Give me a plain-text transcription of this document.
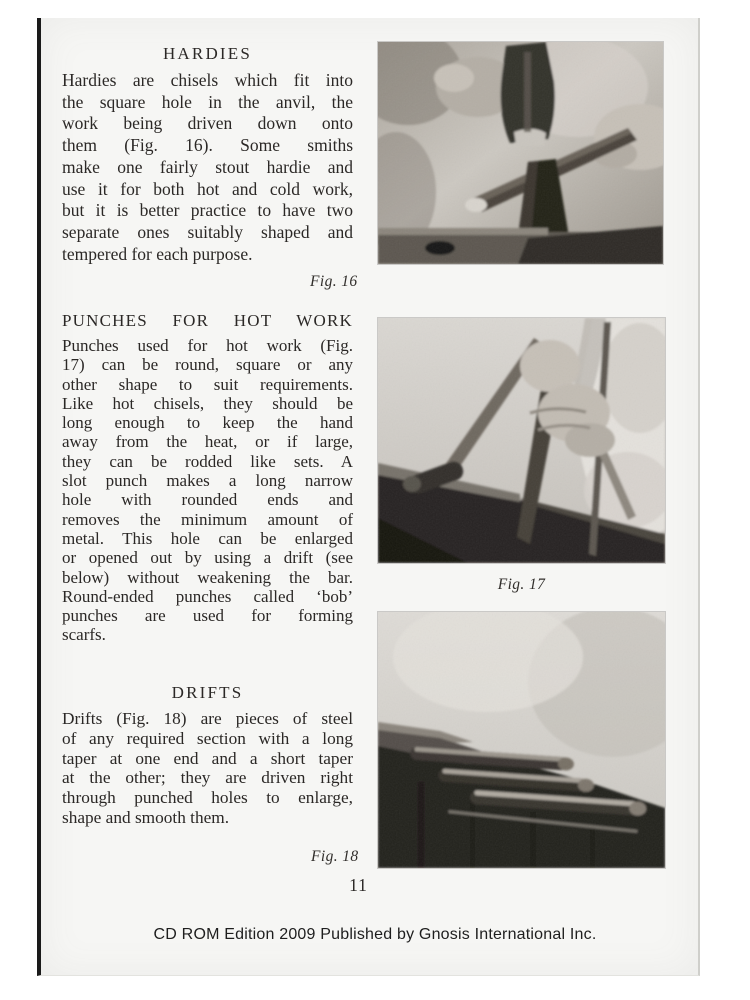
HARDIES
Hardies are chisels which fit into
the square hole in the anvil, the
work being driven down onto
them (Fig. 16). Some smiths
make one fairly stout hardie and
use it for both hot and cold work,
but it is better practice to have two
separate ones suitably shaped and
tempered for each purpose.
Fig. 16
PUNCHES FOR HOT WORK
Punches used for hot work (Fig.
17) can be round, square or any
other shape to suit requirements.
Like hot chisels, they should be
long enough to keep the hand
away from the heat, or if large,
they can be rodded like sets. A
slot punch makes a long narrow
hole with rounded ends and
removes the minimum amount of
metal. This hole can be enlarged
or opened out by using a drift (see
below) without weakening the bar.
Round-ended punches called ‘bob’
punches are used for forming
scarfs.
DRIFTS
Drifts (Fig. 18) are pieces of steel
of any required section with a long
taper at one end and a short taper
at the other; they are driven right
through punched holes to enlarge,
shape and smooth them.
Fig. 18
11
Fig. 17
CD ROM Edition 2009 Published by Gnosis International Inc.
